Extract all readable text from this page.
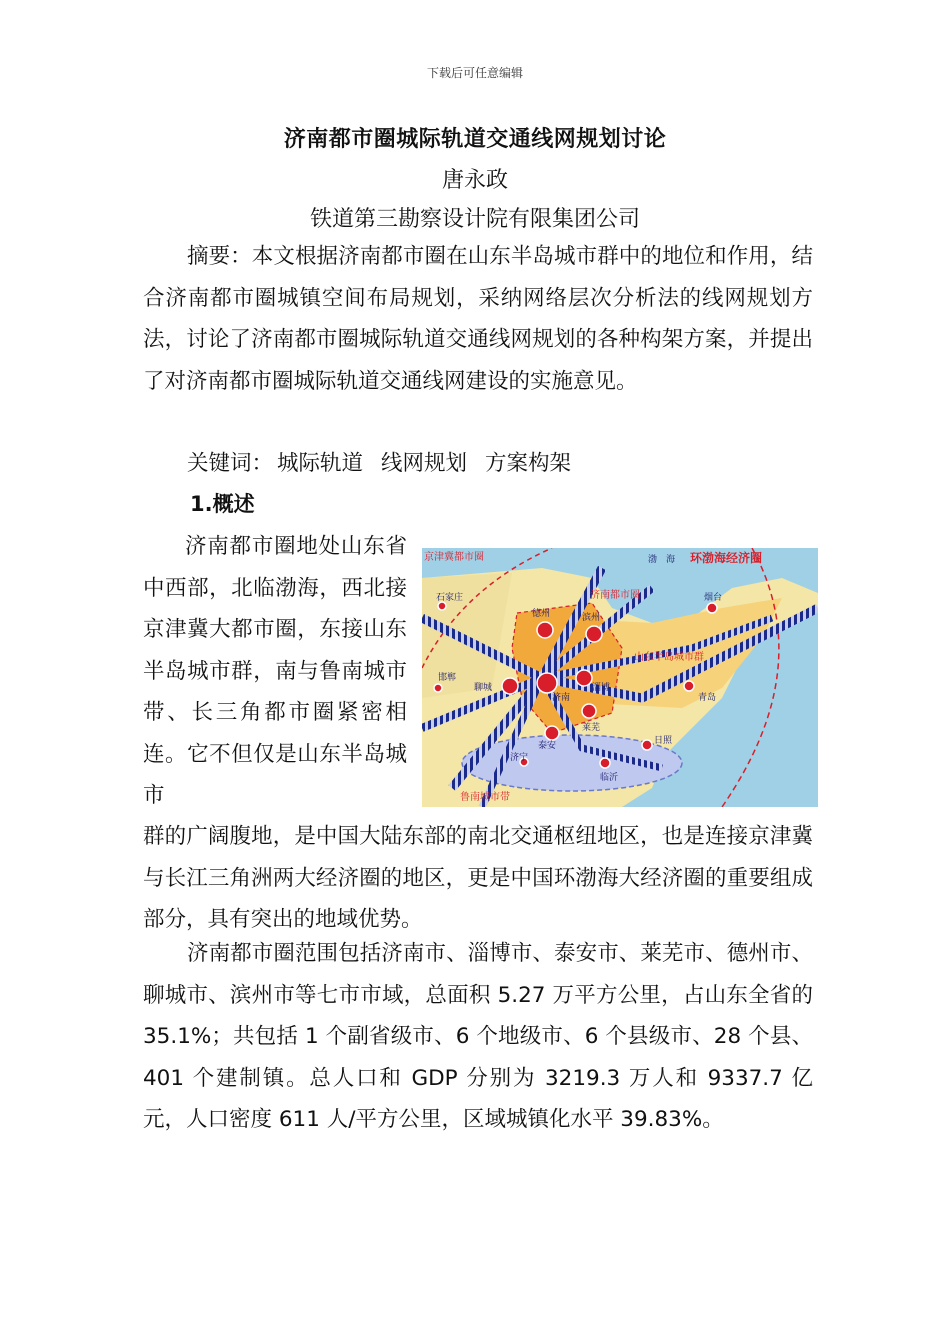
下载后可任意编辑
济南都市圈城际轨道交通线网规划讨论
唐永政
铁道第三勘察设计院有限集团公司

摘要：本文根据济南都市圈在山东半岛城市群中的地位和作用，结合济南都市圈城镇空间布局规划，采纳网络层次分析法的线网规划方法，讨论了济南都市圈城际轨道交通线网规划的各种构架方案，并提出了对济南都市圈城际轨道交通线网建设的实施意见。

关键词： 城际轨道 线网规划 方案构架

1.概述

济南都市圈地处山东省中西部，北临渤海，西北接京津冀大都市圈，东接山东半岛城市群，南与鲁南城市带、长三角都市圈紧密相连。它不但仅是山东半岛城市

京津冀都市圈	渤　海 环渤海经济圈
济南都市圈
山东半岛城市群
鲁南城市带
石家庄
德州	滨州
烟台
邯郸
聊城
济南
淄博
青岛
莱芜
泰安	日照
济宁
临沂

群的广阔腹地，是中国大陆东部的南北交通枢纽地区，也是连接京津冀与长江三角洲两大经济圈的地区，更是中国环渤海大经济圈的重要组成部分，具有突出的地域优势。

济南都市圈范围包括济南市、淄博市、泰安市、莱芜市、德州市、聊城市、滨州市等七市市域，总面积 5.27 万平方公里，占山东全省的 35.1%；共包括 1 个副省级市、6 个地级市、6 个县级市、28 个县、401 个建制镇。总人口和 GDP 分别为 3219.3 万人和 9337.7 亿元，人口密度 611 人/平方公里，区域城镇化水平 39.83%。
